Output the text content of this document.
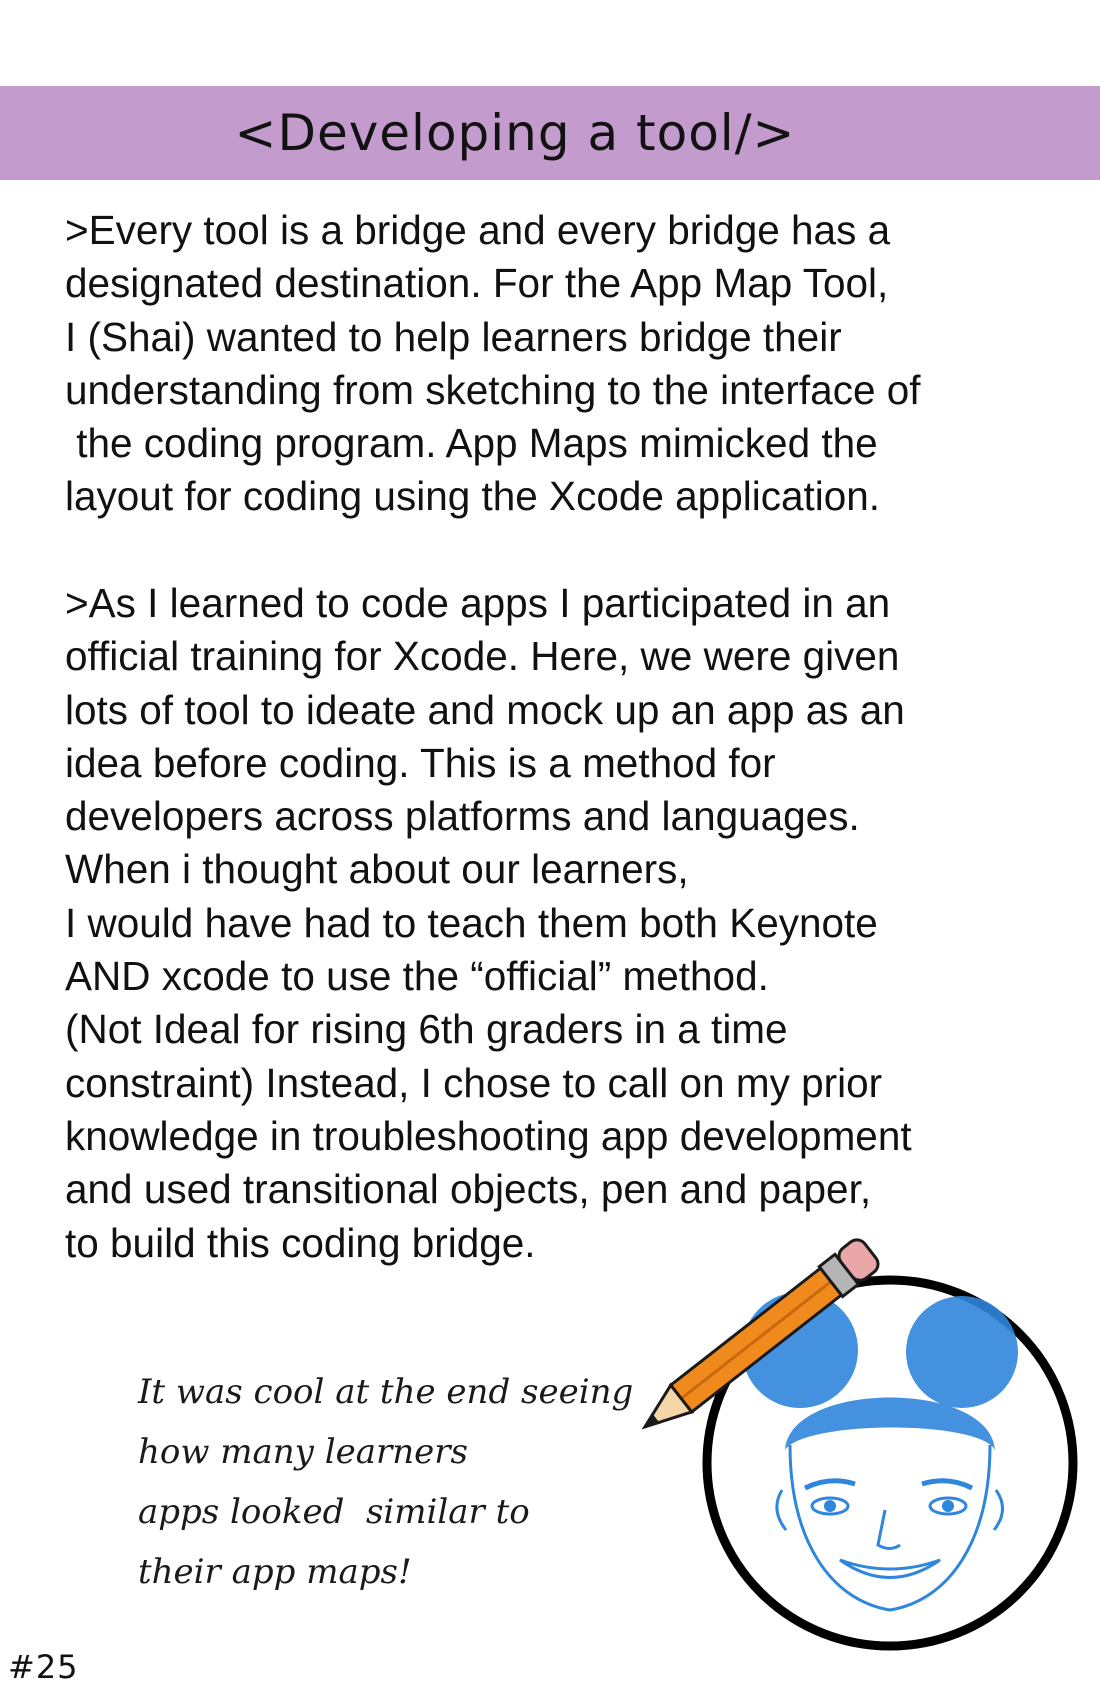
<Developing a tool/>
>Every tool is a bridge and every bridge has a
designated destination. For the App Map Tool,
I (Shai) wanted to help learners bridge their
understanding from sketching to the interface of
the coding program. App Maps mimicked the
layout for coding using the Xcode application.
>As I learned to code apps I participated in an
official training for Xcode. Here, we were given
lots of tool to ideate and mock up an app as an
idea before coding. This is a method for
developers across platforms and languages.
When i thought about our learners,
I would have had to teach them both Keynote
AND xcode to use the “official” method.
(Not Ideal for rising 6th graders in a time
constraint) Instead, I chose to call on my prior
knowledge in troubleshooting app development
and used transitional objects, pen and paper,
to build this coding bridge.
It was cool at the end seeing
how many learners
apps looked  similar to
their app maps!
#25
